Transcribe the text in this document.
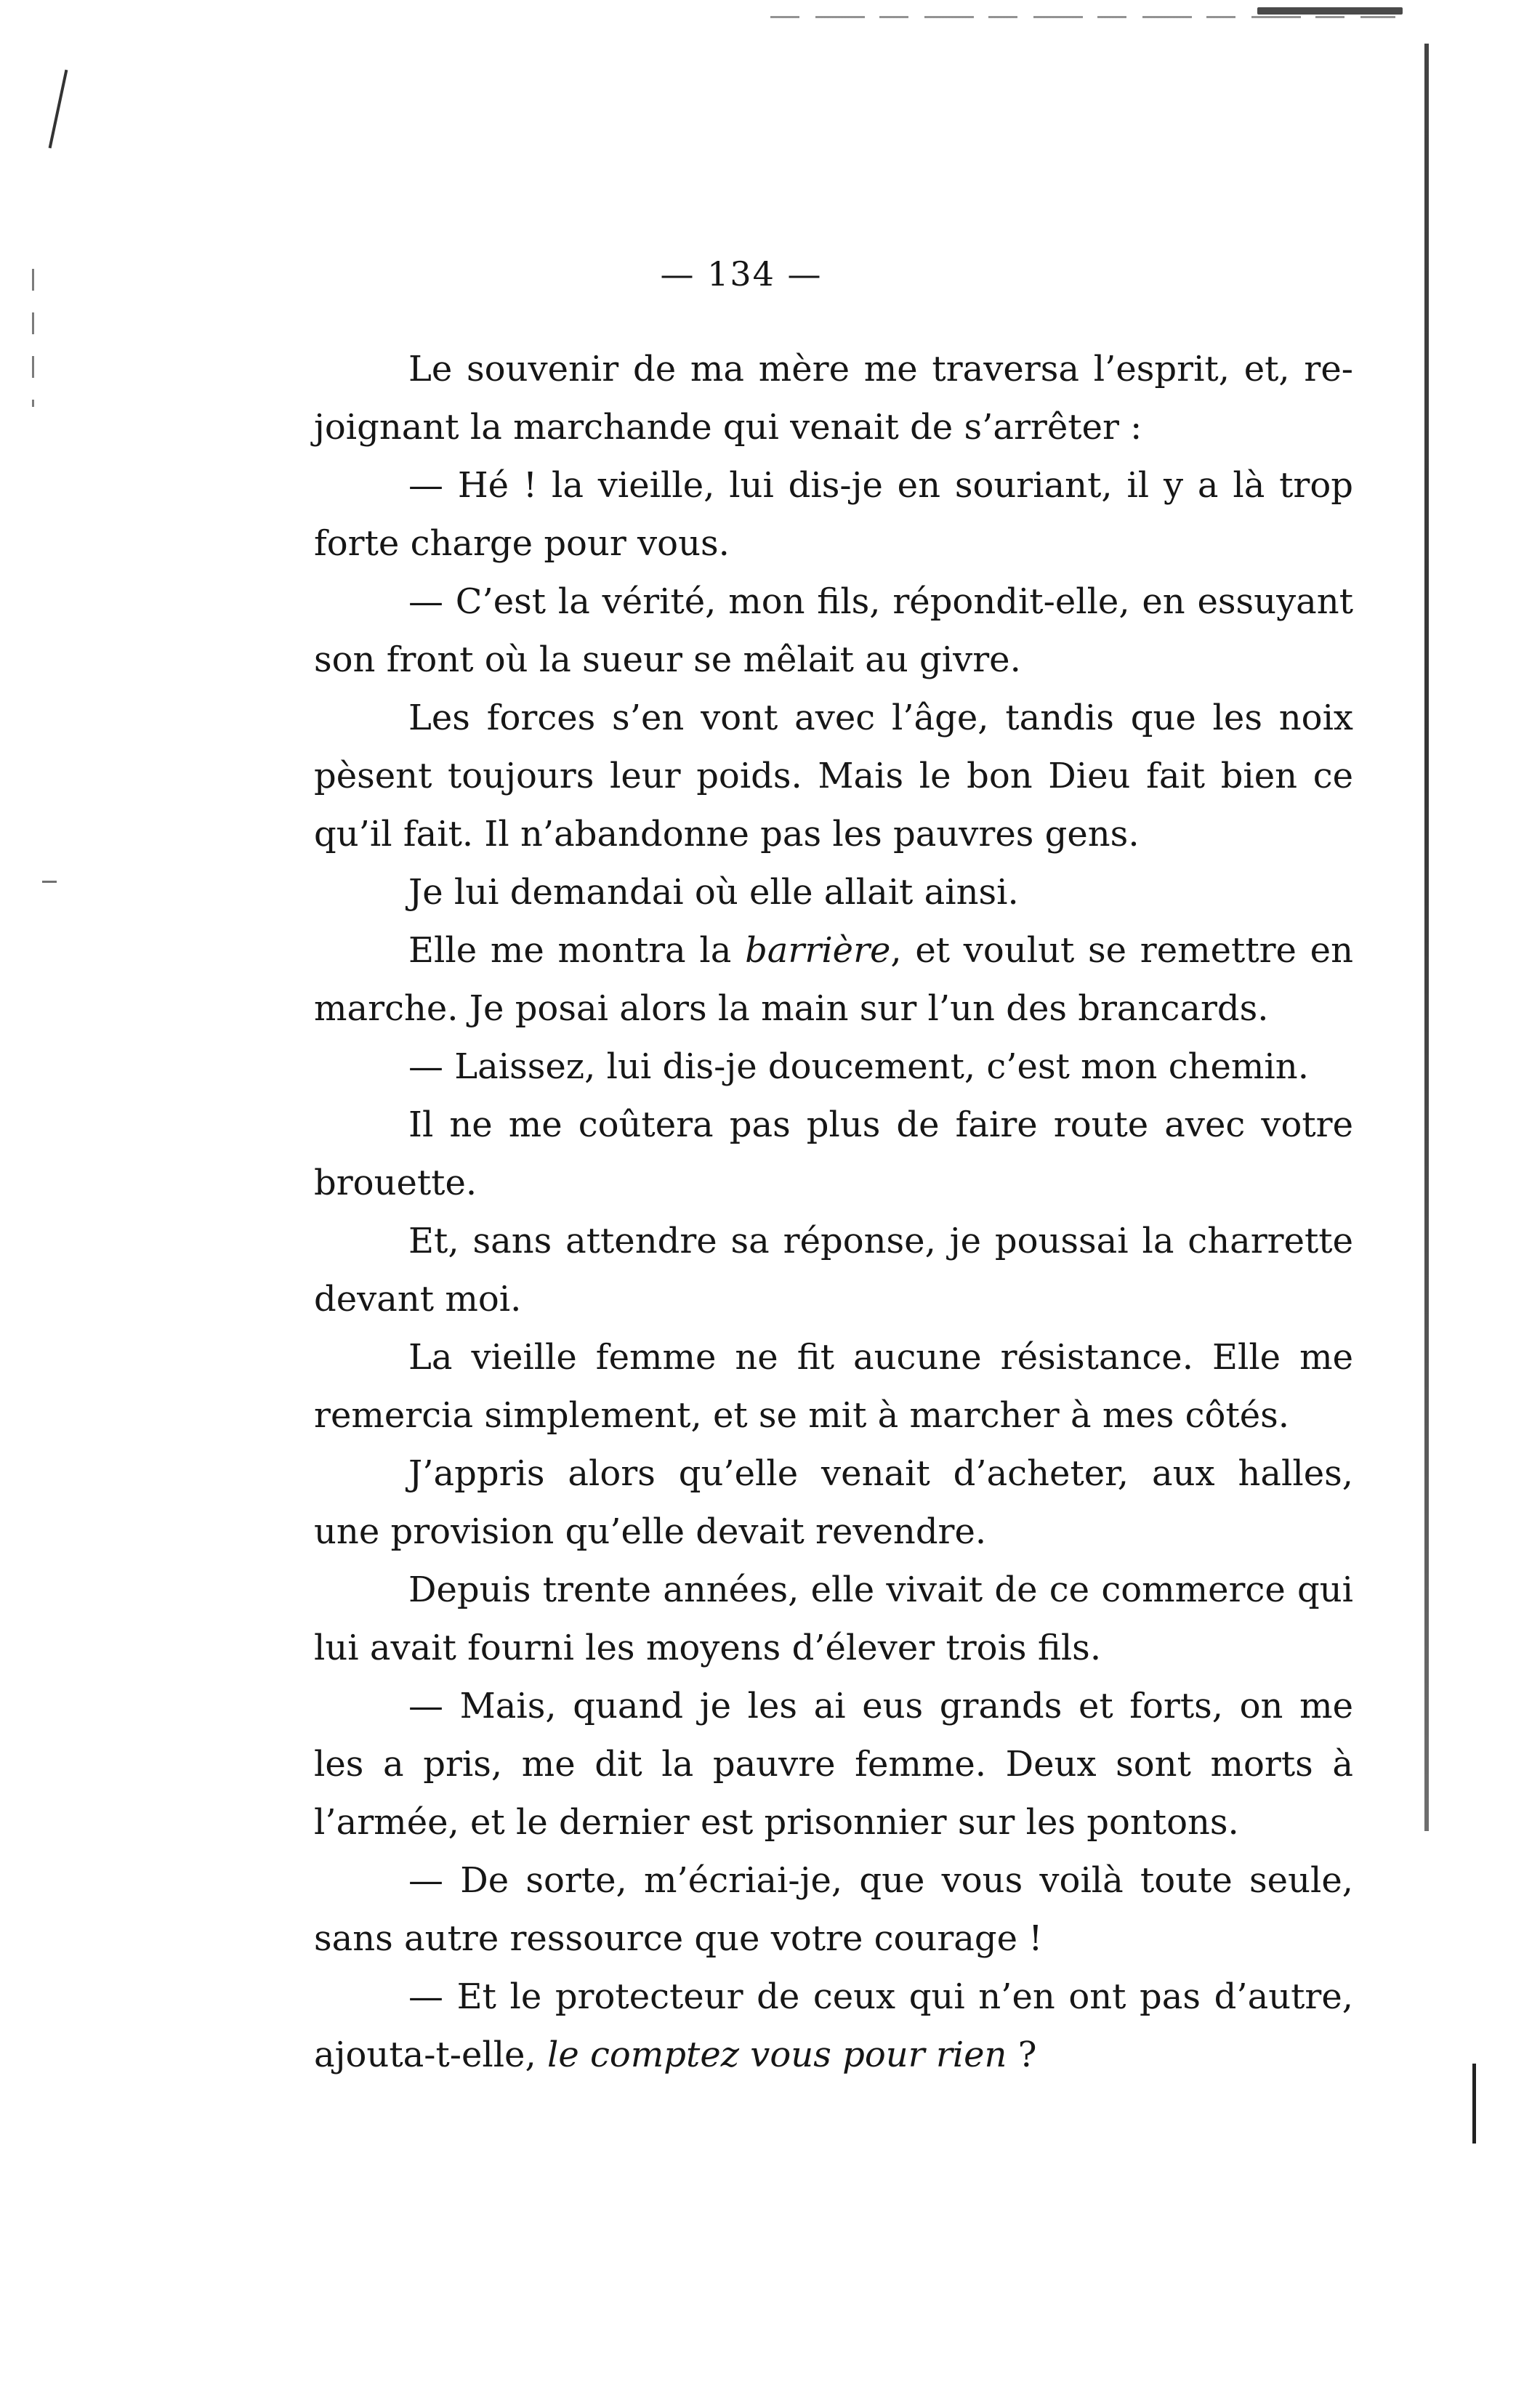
— 134 —

Le souvenir de ma mère me traversa l’esprit, et, re- joignant la marchande qui venait de s’arrêter :

— Hé ! la vieille, lui dis-je en souriant, il y a là trop forte charge pour vous.

— C’est la vérité, mon fils, répondit-elle, en essuyant son front où la sueur se mêlait au givre.

Les forces s’en vont avec l’âge, tandis que les noix pèsent toujours leur poids. Mais le bon Dieu fait bien ce qu’il fait. Il n’abandonne pas les pauvres gens.

Je lui demandai où elle allait ainsi.

Elle me montra la barrière, et voulut se remettre en marche. Je posai alors la main sur l’un des brancards.

— Laissez, lui dis-je doucement, c’est mon chemin.

Il ne me coûtera pas plus de faire route avec votre brouette.

Et, sans attendre sa réponse, je poussai la charrette devant moi.

La vieille femme ne fit aucune résistance. Elle me remercia simplement, et se mit à marcher à mes côtés.

J’appris alors qu’elle venait d’acheter, aux halles, une provision qu’elle devait revendre.

Depuis trente années, elle vivait de ce commerce qui lui avait fourni les moyens d’élever trois fils.

— Mais, quand je les ai eus grands et forts, on me les a pris, me dit la pauvre femme. Deux sont morts à l’armée, et le dernier est prisonnier sur les pontons.

— De sorte, m’écriai-je, que vous voilà toute seule, sans autre ressource que votre courage !

— Et le protecteur de ceux qui n’en ont pas d’autre, ajouta-t-elle, le comptez vous pour rien ?
